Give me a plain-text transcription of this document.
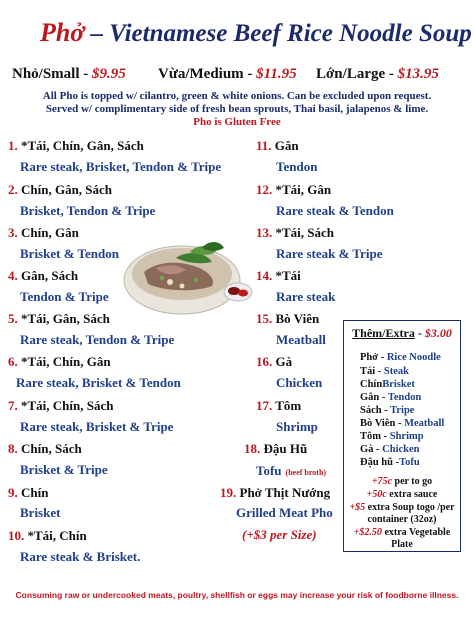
Phở – Vietnamese Beef Rice Noodle Soup
Nhỏ/Small - $9.95 Vừa/Medium - $11.95 Lớn/Large - $13.95
All Pho is topped w/ cilantro, green & white onions. Can be excluded upon request.
Served w/ complimentary side of fresh bean sprouts, Thai basil, jalapenos & lime.
Pho is Gluten Free
1. *Tái, Chín, Gân, Sách
Rare steak, Brisket, Tendon & Tripe
2. Chín, Gân, Sách
Brisket, Tendon & Tripe
3. Chín, Gân
Brisket & Tendon
4. Gân, Sách
Tendon & Tripe
5. *Tái, Gân, Sách
Rare steak, Tendon & Tripe
6. *Tái, Chín, Gân
Rare steak, Brisket & Tendon
7. *Tái, Chín, Sách
Rare steak, Brisket & Tripe
8. Chín, Sách
Brisket & Tripe
9. Chín
Brisket
10. *Tái, Chín
Rare steak & Brisket.
11. Gân
Tendon
12. *Tái, Gân
Rare steak & Tendon
13. *Tái, Sách
Rare steak & Tripe
14. *Tái
Rare steak
15. Bò Viên
Meatball
16. Gà
Chicken
17. Tôm
Shrimp
18. Đậu Hũ
Tofu (beef broth)
19. Phở Thịt Nướng
Grilled Meat Pho
(+$3 per Size)
Thêm/Extra - $3.00
Phở - Rice Noodle
Tái - Steak
ChínBrisket
Gân - Tendon
Sách - Tripe
Bò Viên - Meatball
Tôm - Shrimp
Gà - Chicken
Đậu hũ -Tofu
+75c per to go
+50c extra sauce
+$5 extra Soup togo /per container (32oz)
+$2.50 extra Vegetable Plate
Consuming raw or undercooked meats, poultry, shellfish or eggs may increase your risk of foodborne illness.
